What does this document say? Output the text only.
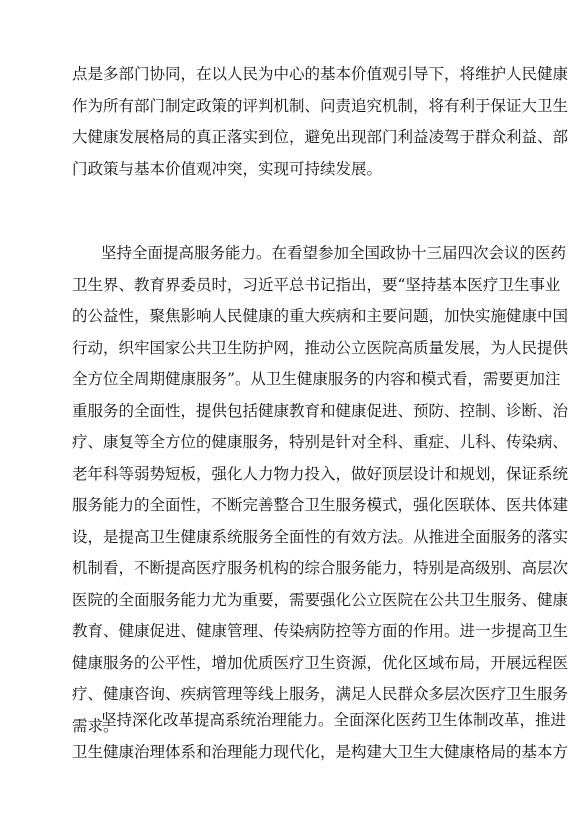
点是多部门协同，在以人民为中心的基本价值观引导下，将维护人民健康
作为所有部门制定政策的评判机制、问责追究机制，将有利于保证大卫生
大健康发展格局的真正落实到位，避免出现部门利益凌驾于群众利益、部
门政策与基本价值观冲突，实现可持续发展。
坚持全面提高服务能力。在看望参加全国政协十三届四次会议的医药
卫生界、教育界委员时，习近平总书记指出，要“坚持基本医疗卫生事业
的公益性，聚焦影响人民健康的重大疾病和主要问题，加快实施健康中国
行动，织牢国家公共卫生防护网，推动公立医院高质量发展，为人民提供
全方位全周期健康服务”。从卫生健康服务的内容和模式看，需要更加注
重服务的全面性，提供包括健康教育和健康促进、预防、控制、诊断、治
疗、康复等全方位的健康服务，特别是针对全科、重症、儿科、传染病、
老年科等弱势短板，强化人力物力投入，做好顶层设计和规划，保证系统
服务能力的全面性，不断完善整合卫生服务模式，强化医联体、医共体建
设，是提高卫生健康系统服务全面性的有效方法。从推进全面服务的落实
机制看，不断提高医疗服务机构的综合服务能力，特别是高级别、高层次
医院的全面服务能力尤为重要，需要强化公立医院在公共卫生服务、健康
教育、健康促进、健康管理、传染病防控等方面的作用。进一步提高卫生
健康服务的公平性，增加优质医疗卫生资源，优化区域布局，开展远程医
疗、健康咨询、疾病管理等线上服务，满足人民群众多层次医疗卫生服务
需求。
坚持深化改革提高系统治理能力。全面深化医药卫生体制改革，推进
卫生健康治理体系和治理能力现代化，是构建大卫生大健康格局的基本方
